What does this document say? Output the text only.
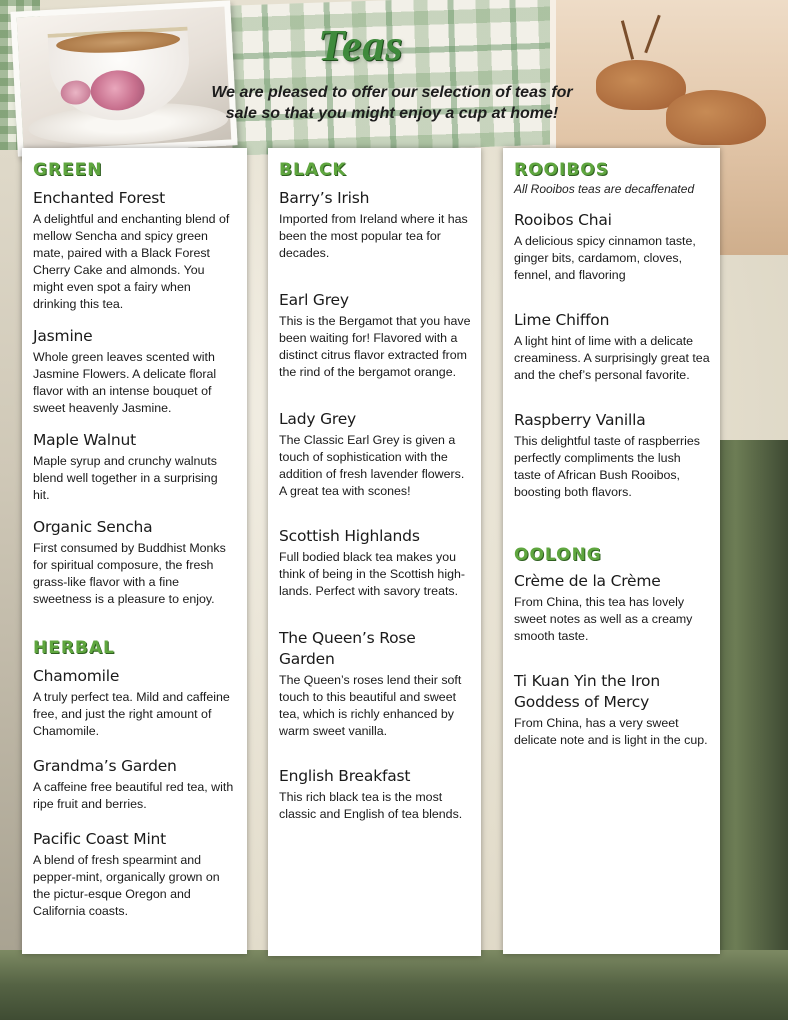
Teas
We are pleased to offer our selection of teas for sale so that you might enjoy a cup at home!
GREEN
Enchanted Forest
A delightful and enchanting blend of mellow Sencha and spicy green mate, paired with a Black Forest Cherry Cake and almonds. You might even spot a fairy when drinking this tea.
Jasmine
Whole green leaves scented with Jasmine Flowers. A delicate floral flavor with an intense bouquet of sweet heavenly Jasmine.
Maple Walnut
Maple syrup and crunchy walnuts blend well together in a surprising hit.
Organic Sencha
First consumed by Buddhist Monks for spiritual composure, the fresh grass-like flavor with a fine sweetness is a pleasure to enjoy.
HERBAL
Chamomile
A truly perfect tea. Mild and caffeine free, and just the right amount of Chamomile.
Grandma’s Garden
A caffeine free beautiful red tea, with ripe fruit and berries.
Pacific Coast Mint
A blend of fresh spearmint and pepper-mint, organically grown on the pictur-esque Oregon and California coasts.
BLACK
Barry’s Irish
Imported from Ireland where it has been the most popular tea for decades.
Earl Grey
This is the Bergamot that you have been waiting for! Flavored with a distinct citrus flavor extracted from the rind of the bergamot orange.
Lady Grey
The Classic Earl Grey is given a touch of sophistication with the addition of fresh lavender flowers. A great tea with scones!
Scottish Highlands
Full bodied black tea makes you think of being in the Scottish high-lands. Perfect with savory treats.
The Queen’s Rose Garden
The Queen’s roses lend their soft touch to this beautiful and sweet tea, which is richly enhanced by warm sweet vanilla.
English Breakfast
This rich black tea is the most classic and English of tea blends.
ROOIBOS
All Rooibos teas are decaffenated
Rooibos Chai
A delicious spicy cinnamon taste, ginger bits, cardamom, cloves, fennel, and flavoring
Lime Chiffon
A light hint of lime with a delicate creaminess. A surprisingly great tea and the chef’s personal favorite.
Raspberry Vanilla
This delightful taste of raspberries perfectly compliments the lush taste of African Bush Rooibos, boosting both flavors.
OOLONG
Crème de la Crème
From China, this tea has lovely sweet notes as well as a creamy smooth taste.
Ti Kuan Yin the Iron Goddess of Mercy
From China, has a very sweet delicate note and is light in the cup.
